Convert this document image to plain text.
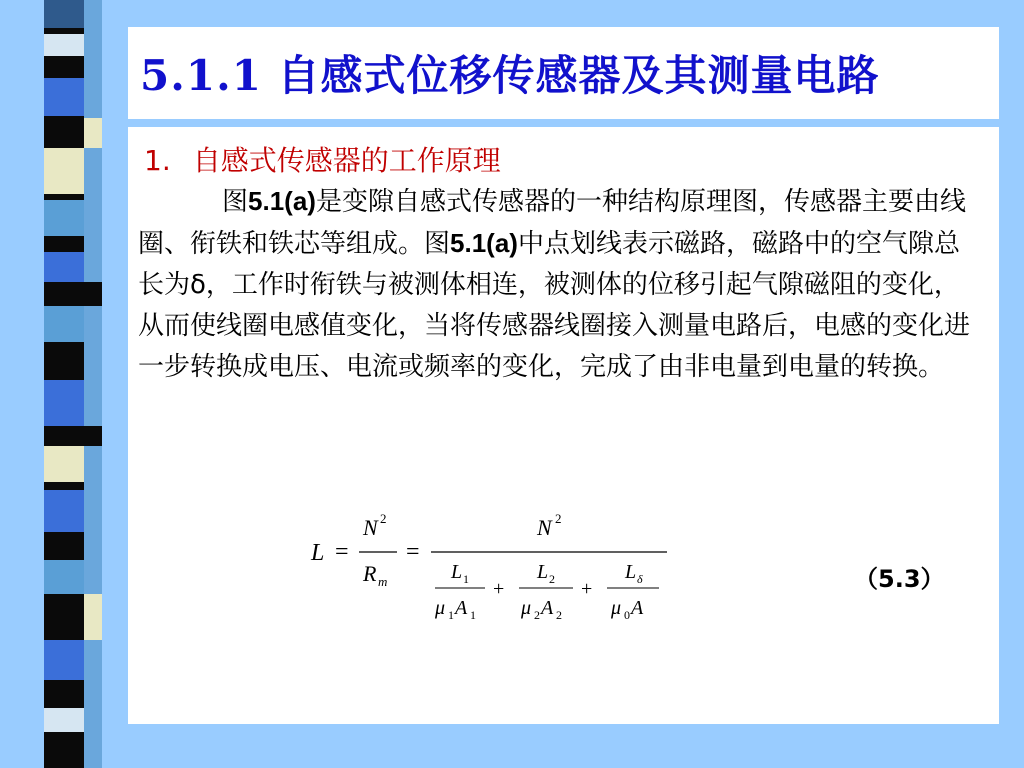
5.1.1 自感式位移传感器及其测量电路
1. 自感式传感器的工作原理

图5.1(a)是变隙自感式传感器的一种结构原理图，传感器主要由线圈、衔铁和铁芯等组成。图5.1(a)中点划线表示磁路，磁路中的空气隙总长为δ，工作时衔铁与被测体相连，被测体的位移引起气隙磁阻的变化，从而使线圈电感值变化，当将传感器线圈接入测量电路后，电感的变化进一步转换成电压、电流或频率的变化，完成了由非电量到电量的转换。

L =
N 2
R m
=
N 2
L 1
μ 1 A 1
+
L 2
μ 2 A 2
+
L δ
μ 0 A
（5.3）
